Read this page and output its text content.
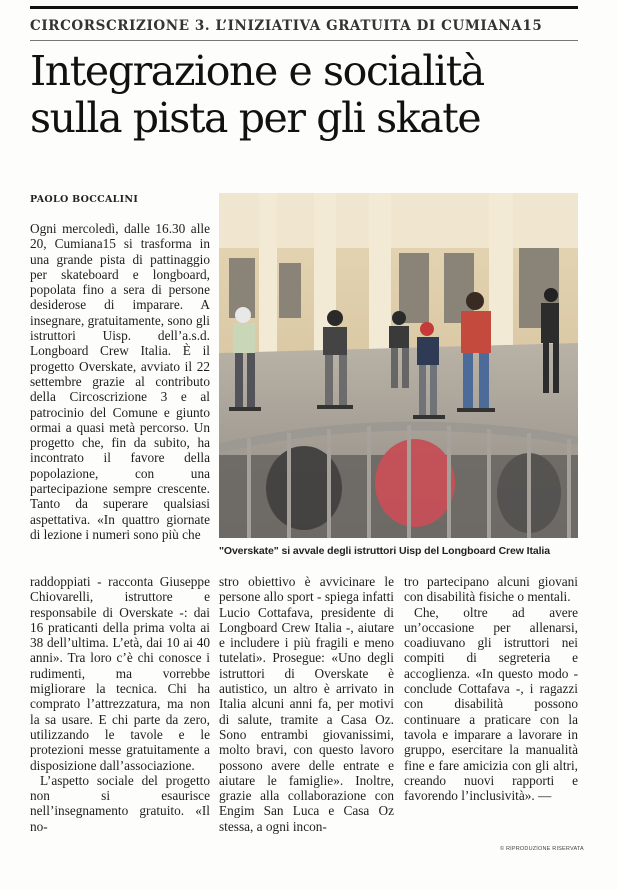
CIRCORSCRIZIONE 3. L’INIZIATIVA GRATUITA DI CUMIANA15
Integrazione e socialità
sulla pista per gli skate
PAOLO BOCCALINI

Ogni mercoledì, dalle 16.30 alle 20, Cumiana15 si trasforma in una grande pista di pattinaggio per skateboard e longboard, popolata fino a sera di persone desiderose di imparare. A insegnare, gratuitamente, sono gli istruttori Uisp. dell’a.s.d. Longboard Crew Italia. È il progetto Overskate, avviato il 22 settembre grazie al contributo della Circoscrizione 3 e al patrocinio del Comune e giunto ormai a quasi metà percorso. Un progetto che, fin da subito, ha incontrato il favore della popolazione, con una partecipazione sempre crescente. Tanto da superare qualsiasi aspettativa. «In quattro giornate di lezione i numeri sono più che

raddoppiati - racconta Giuseppe Chiovarelli, istruttore e responsabile di Overskate -: dai 16 praticanti della prima volta ai 38 dell’ultima. L’età, dai 10 ai 40 anni». Tra loro c’è chi conosce i rudimenti, ma vorrebbe migliorare la tecnica. Chi ha comprato l’attrezzatura, ma non la sa usare. E chi parte da zero, utilizzando le tavole e le protezioni messe gratuitamente a disposizione dall’associazione.

L’aspetto sociale del progetto non si esaurisce nell’insegnamento gratuito. «Il no-

"Overskate" si avvale degli istruttori Uisp del Longboard Crew Italia

stro obiettivo è avvicinare le persone allo sport - spiega infatti Lucio Cottafava, presidente di Longboard Crew Italia -, aiutare e includere i più fragili e meno tutelati». Prosegue: «Uno degli istruttori di Overskate è autistico, un altro è arrivato in Italia alcuni anni fa, per motivi di salute, tramite a Casa Oz. Sono entrambi giovanissimi, molto bravi, con questo lavoro possono avere delle entrate e aiutare le famiglie». Inoltre, grazie alla collaborazione con Engim San Luca e Casa Oz stessa, a ogni incon-

tro partecipano alcuni giovani con disabilità fisiche o mentali.

Che, oltre ad avere un’occasione per allenarsi, coadiuvano gli istruttori nei compiti di segreteria e accoglienza. «In questo modo - conclude Cottafava -, i ragazzi con disabilità possono continuare a praticare con la tavola e imparare a lavorare in gruppo, esercitare la manualità fine e fare amicizia con gli altri, creando nuovi rapporti e favorendo l’inclusività». —

© RIPRODUZIONE RISERVATA
